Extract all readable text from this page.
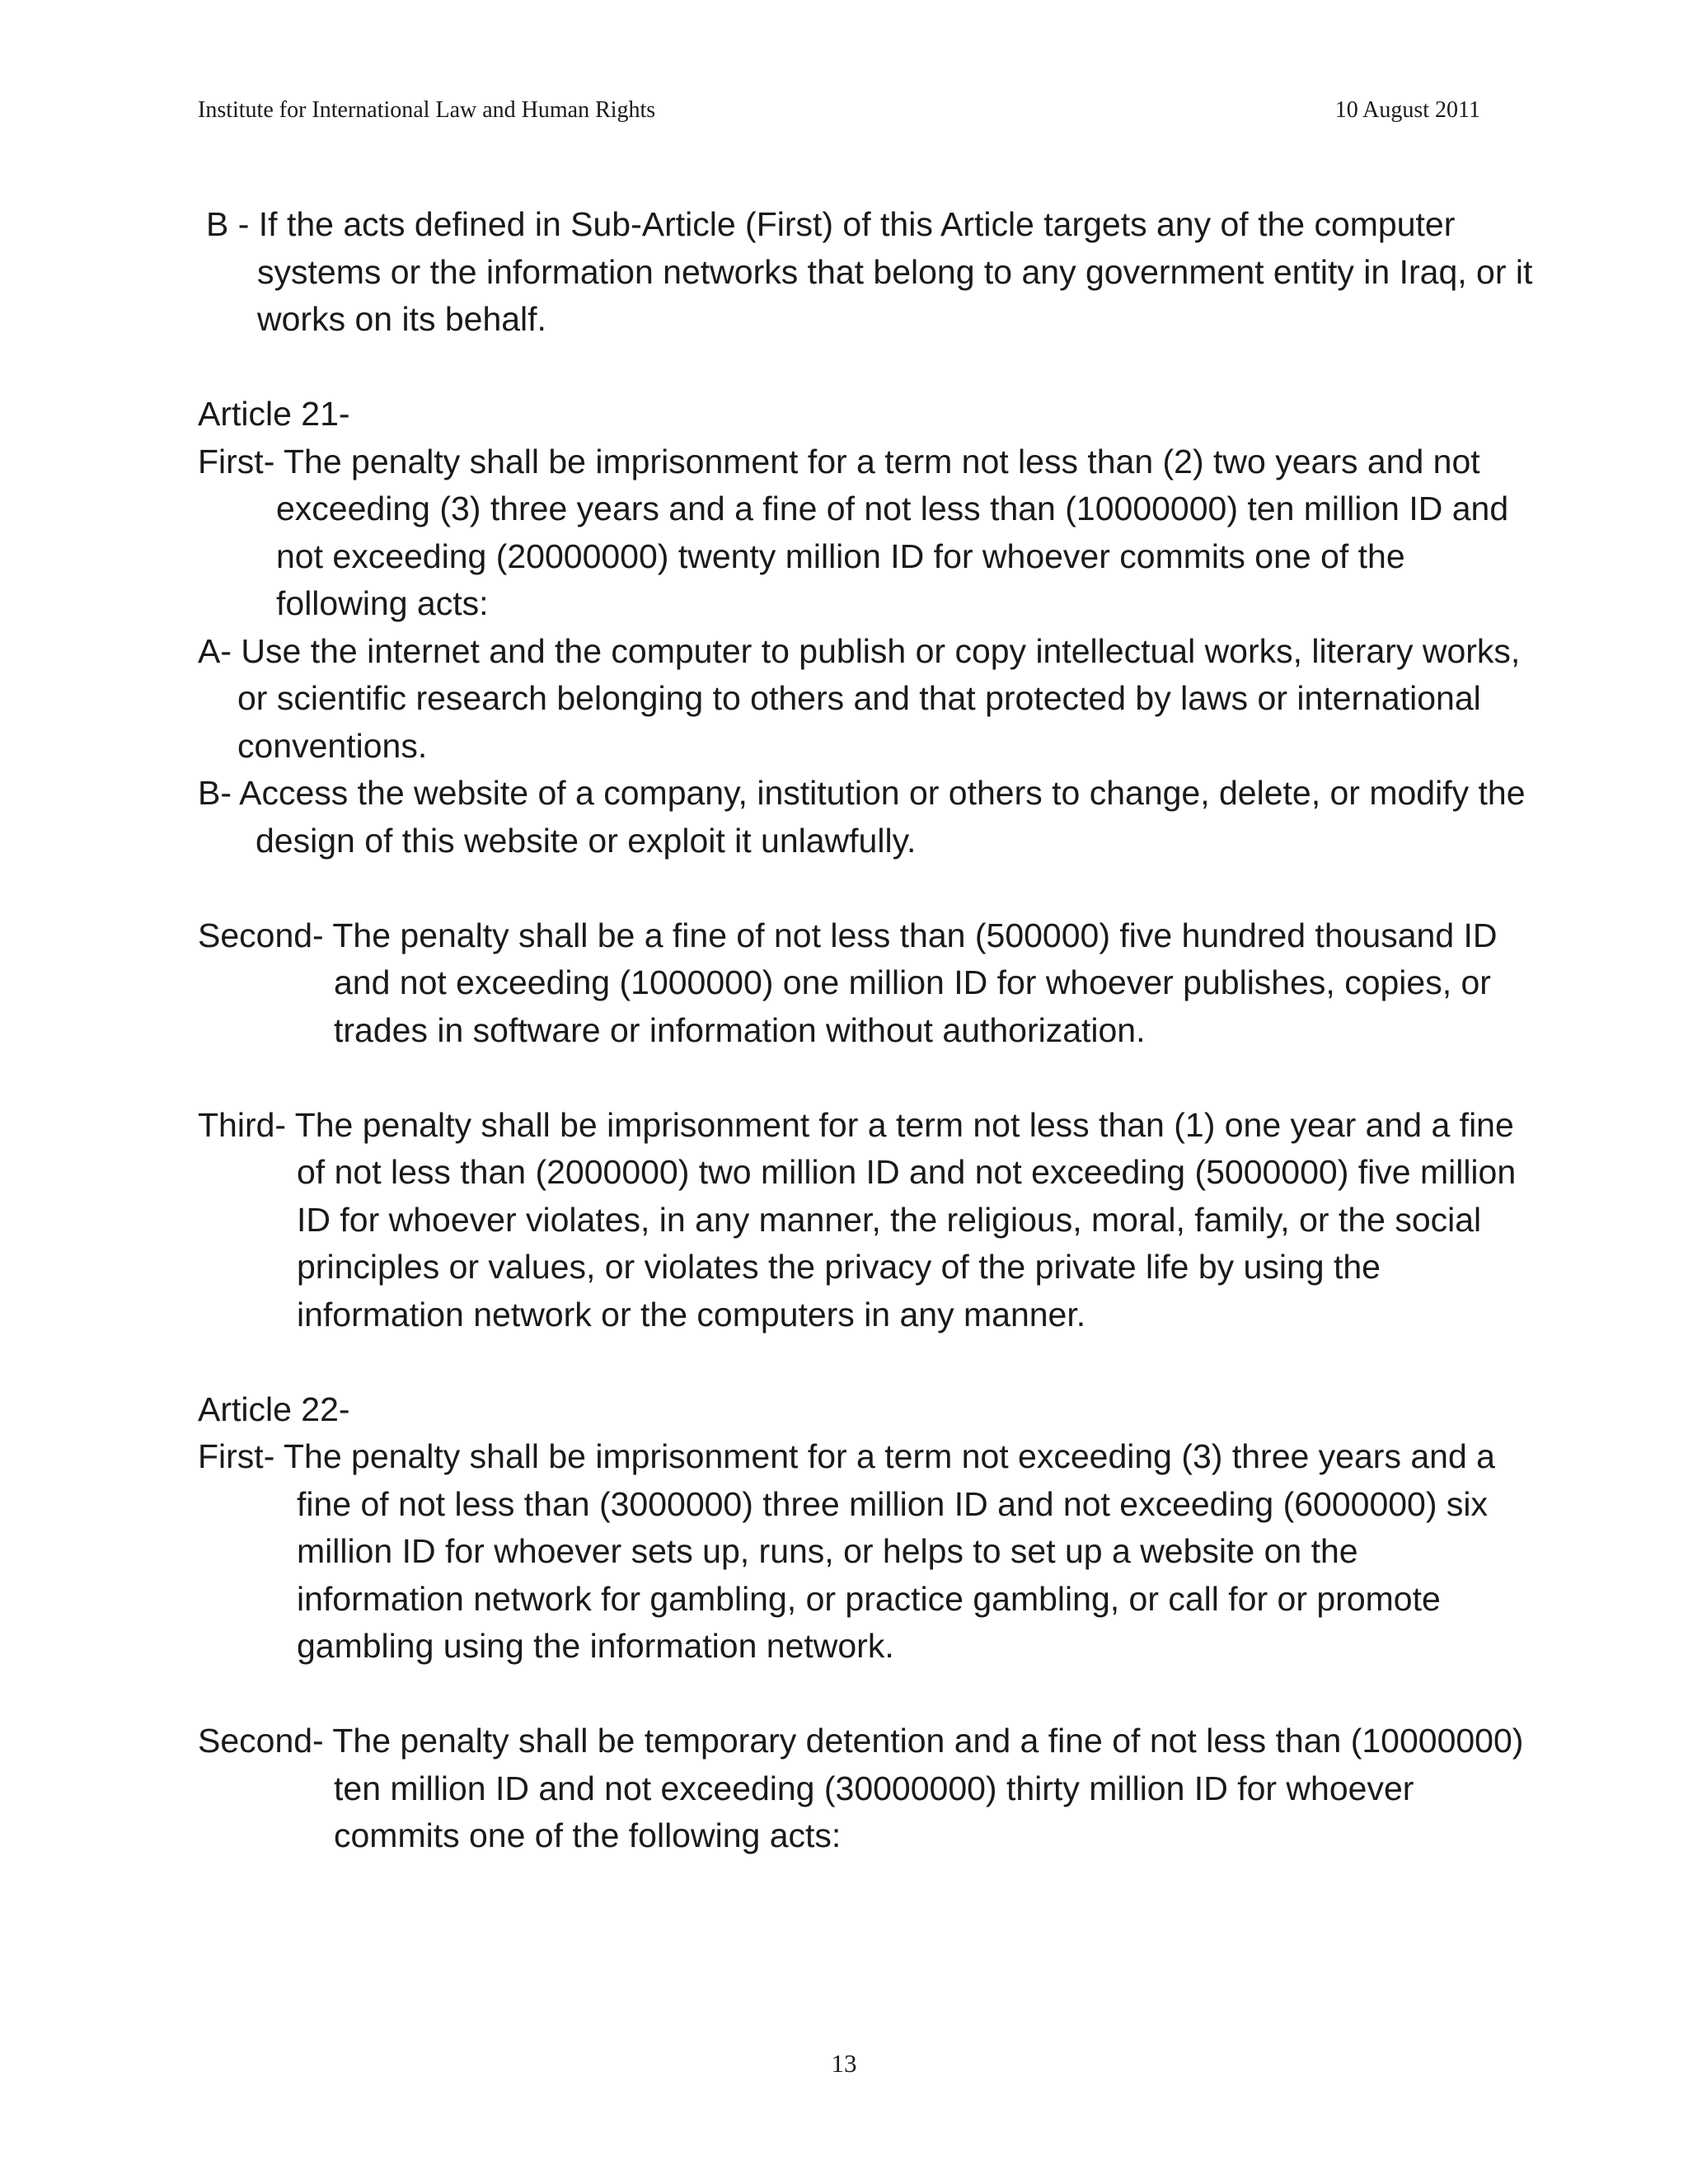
Institute for International Law and Human Rights	10 August 2011

B - If the acts defined in Sub-Article (First) of this Article targets any of the computer systems or the information networks that belong to any government entity in Iraq, or it works on its behalf.

Article 21-

First- The penalty shall be imprisonment for a term not less than (2) two years and not exceeding (3) three years and a fine of not less than (10000000) ten million ID and not exceeding (20000000) twenty million ID for whoever commits one of the following acts:

A- Use the internet and the computer to publish or copy intellectual works, literary works, or scientific research belonging to others and that protected by laws or international conventions.

B- Access the website of a company, institution or others to change, delete, or modify the design of this website or exploit it unlawfully.

Second- The penalty shall be a fine of not less than (500000) five hundred thousand ID and not exceeding (1000000) one million ID for whoever publishes, copies, or trades in software or information without authorization.

Third- The penalty shall be imprisonment for a term not less than (1) one year and a fine of not less than (2000000) two million ID and not exceeding (5000000) five million ID for whoever violates, in any manner, the religious, moral, family, or the social principles or values, or violates the privacy of the private life by using the information network or the computers in any manner.

Article 22-

First- The penalty shall be imprisonment for a term not exceeding (3) three years and a fine of not less than (3000000) three million ID and not exceeding (6000000) six million ID for whoever sets up, runs, or helps to set up a website on the information network for gambling, or practice gambling, or call for or promote gambling using the information network.

Second- The penalty shall be temporary detention and a fine of not less than (10000000) ten million ID and not exceeding (30000000) thirty million ID for whoever commits one of the following acts:

13
